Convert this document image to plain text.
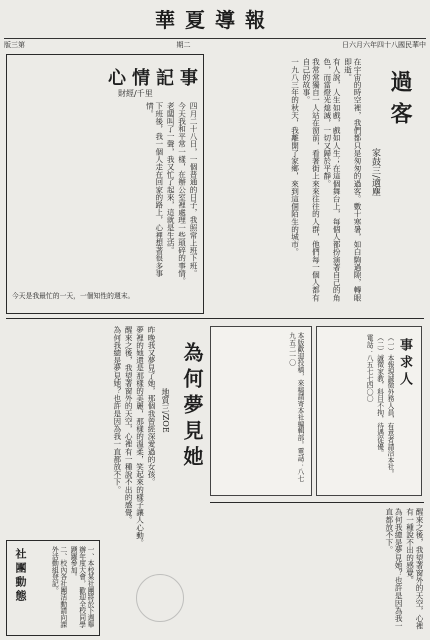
華夏導報
版三第	期二	日六月六年四十八國民華中
過客
家鼓三/適塵

在宇宙的時空裡，我們都只是匆匆的過客。數十寒暑，如白駒過隙，轉眼即逝。

有人說，人生如戲，戲如人生；在這個舞台上，每個人都扮演著自己的角色，而當燈光熄滅，一切又歸於平靜。

我常常獨自一人站在窗前，看著街上來來往往的人群，他們每一個人都有自己的故事。

一九八三年的秋天，我離開了家鄉，來到這個陌生的城市。

心情記事
財經/千里

四月二十八日，一個普通的日子，我照常上班下班。

今天我和平常一樣，在辦公室裡處理一些瑣碎的事情。

老闆叫了一聲，我又忙了起來，這就是生活。

下班後，我一個人走在回家的路上，心裡想著很多事情。

今天是我最忙的一天，一個知性的週末。
事求人

（一）本報現誠徵外務人員，有意者請洽本社。

（二）誠徵家教，科目不拘，待遇從優。

電話：八五七七四〇〇

本版歡迎投稿，來稿請寄本社編輯部。電話：八七九五二一〇
為何夢見她
地質三/ZOE

昨晚我又夢見了她，那個我曾經深愛過的女孩。

夢裡的她還是那樣的美麗，那樣的溫柔，笑起來的樣子讓人心動。

醒來之後，我望著窗外的天空，心裡有一種說不出的感覺。

為何我總是夢見她？也許是因為我一直都放不下。

醒來之後，我望著窗外的天空，心裡有一種說不出的感覺。

為何我總是夢見她？也許是因為我一直都放不下。

社團動態	一、本校某社團將於下週舉辦年度大會，歡迎全校同學踴躍參加。

二、校內各社團活動請向課外活動組登記。
